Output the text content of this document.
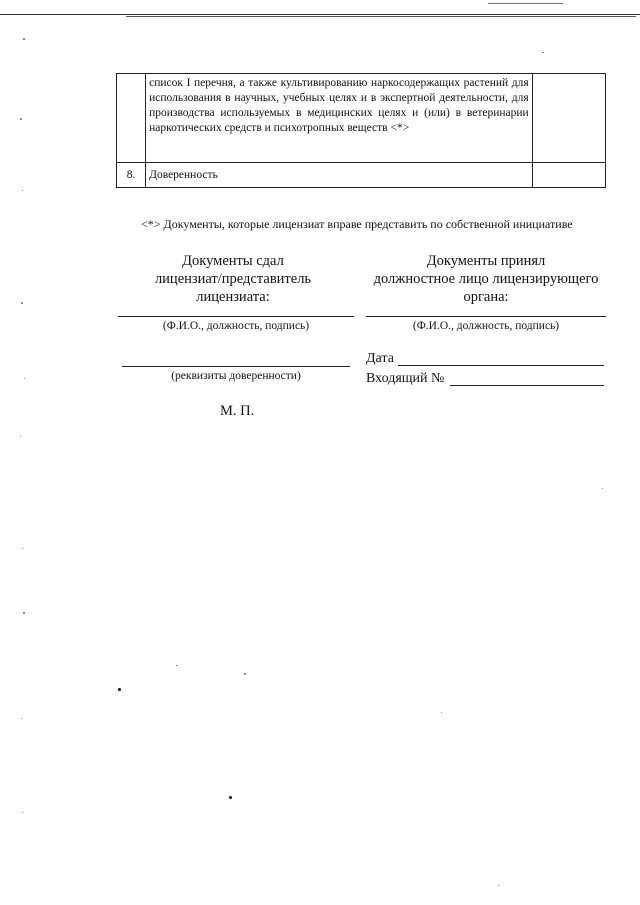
	список I перечня, а также культивированию наркосодержащих растений для использования в научных, учебных целях и в экспертной деятельности, для производства используемых в медицинских целях и (или) в ветеринарии наркотических средств и психотропных веществ <*>	
8.	Доверенность	
<*> Документы, которые лицензиат вправе представить по собственной инициативе
Документы сдал
лицензиат/представитель
лицензиата:
Документы принял
должностное лицо лицензирующего
органа:
(Ф.И.О., должность, подпись)	(Ф.И.О., должность, подпись)
(реквизиты доверенности)
Дата
Входящий №
М. П.
